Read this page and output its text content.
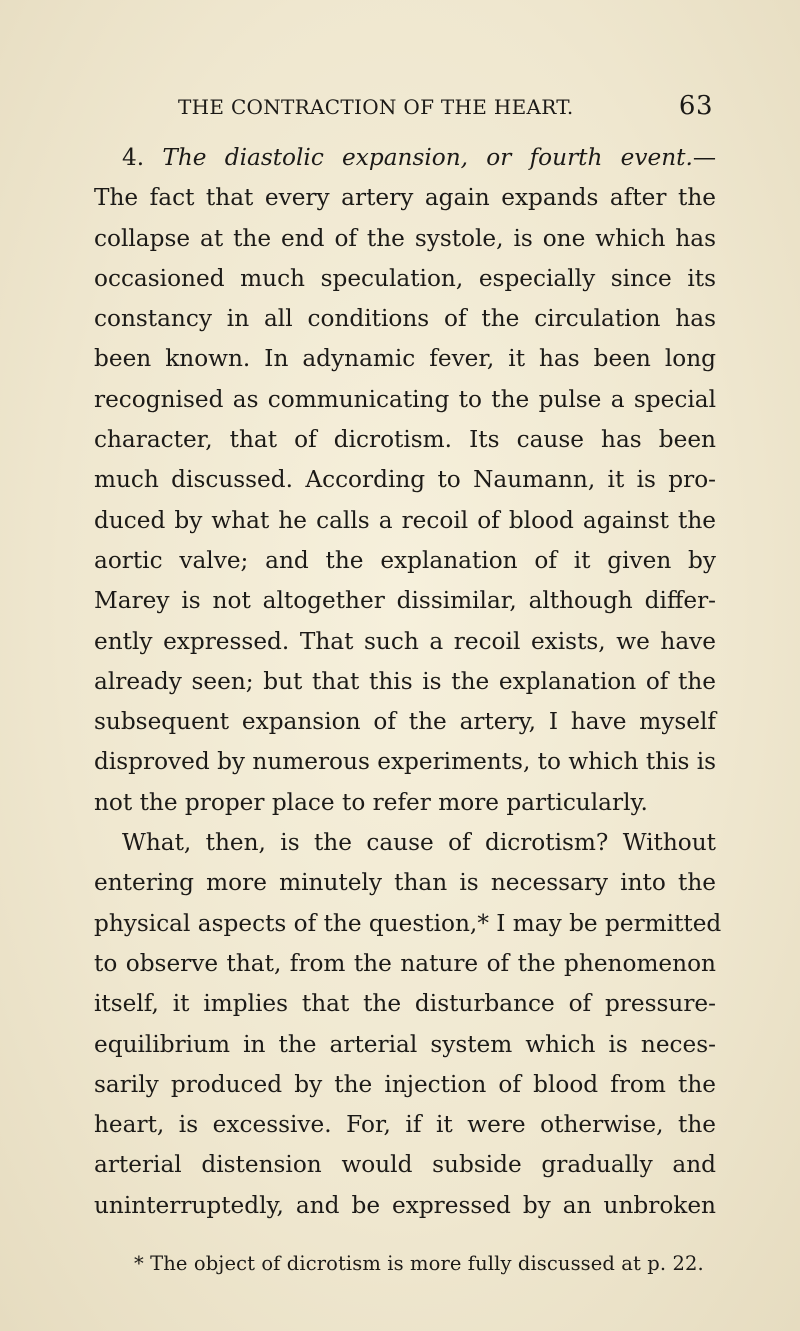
THE CONTRACTION OF THE HEART.	63
4. The diastolic expansion, or fourth event.—
The fact that every artery again expands after the
collapse at the end of the systole, is one which has
occasioned much speculation, especially since its
constancy in all conditions of the circulation has
been known. In adynamic fever, it has been long
recognised as communicating to the pulse a special
character, that of dicrotism. Its cause has been
much discussed. According to Naumann, it is pro-
duced by what he calls a recoil of blood against the
aortic valve; and the explanation of it given by
Marey is not altogether dissimilar, although differ-
ently expressed. That such a recoil exists, we have
already seen; but that this is the explanation of the
subsequent expansion of the artery, I have myself
disproved by numerous experiments, to which this is
not the proper place to refer more particularly.
What, then, is the cause of dicrotism? Without
entering more minutely than is necessary into the
physical aspects of the question,* I may be permitted
to observe that, from the nature of the phenomenon
itself, it implies that the disturbance of pressure-
equilibrium in the arterial system which is neces-
sarily produced by the injection of blood from the
heart, is excessive. For, if it were otherwise, the
arterial distension would subside gradually and
uninterruptedly, and be expressed by an unbroken
* The object of dicrotism is more fully discussed at p. 22.
